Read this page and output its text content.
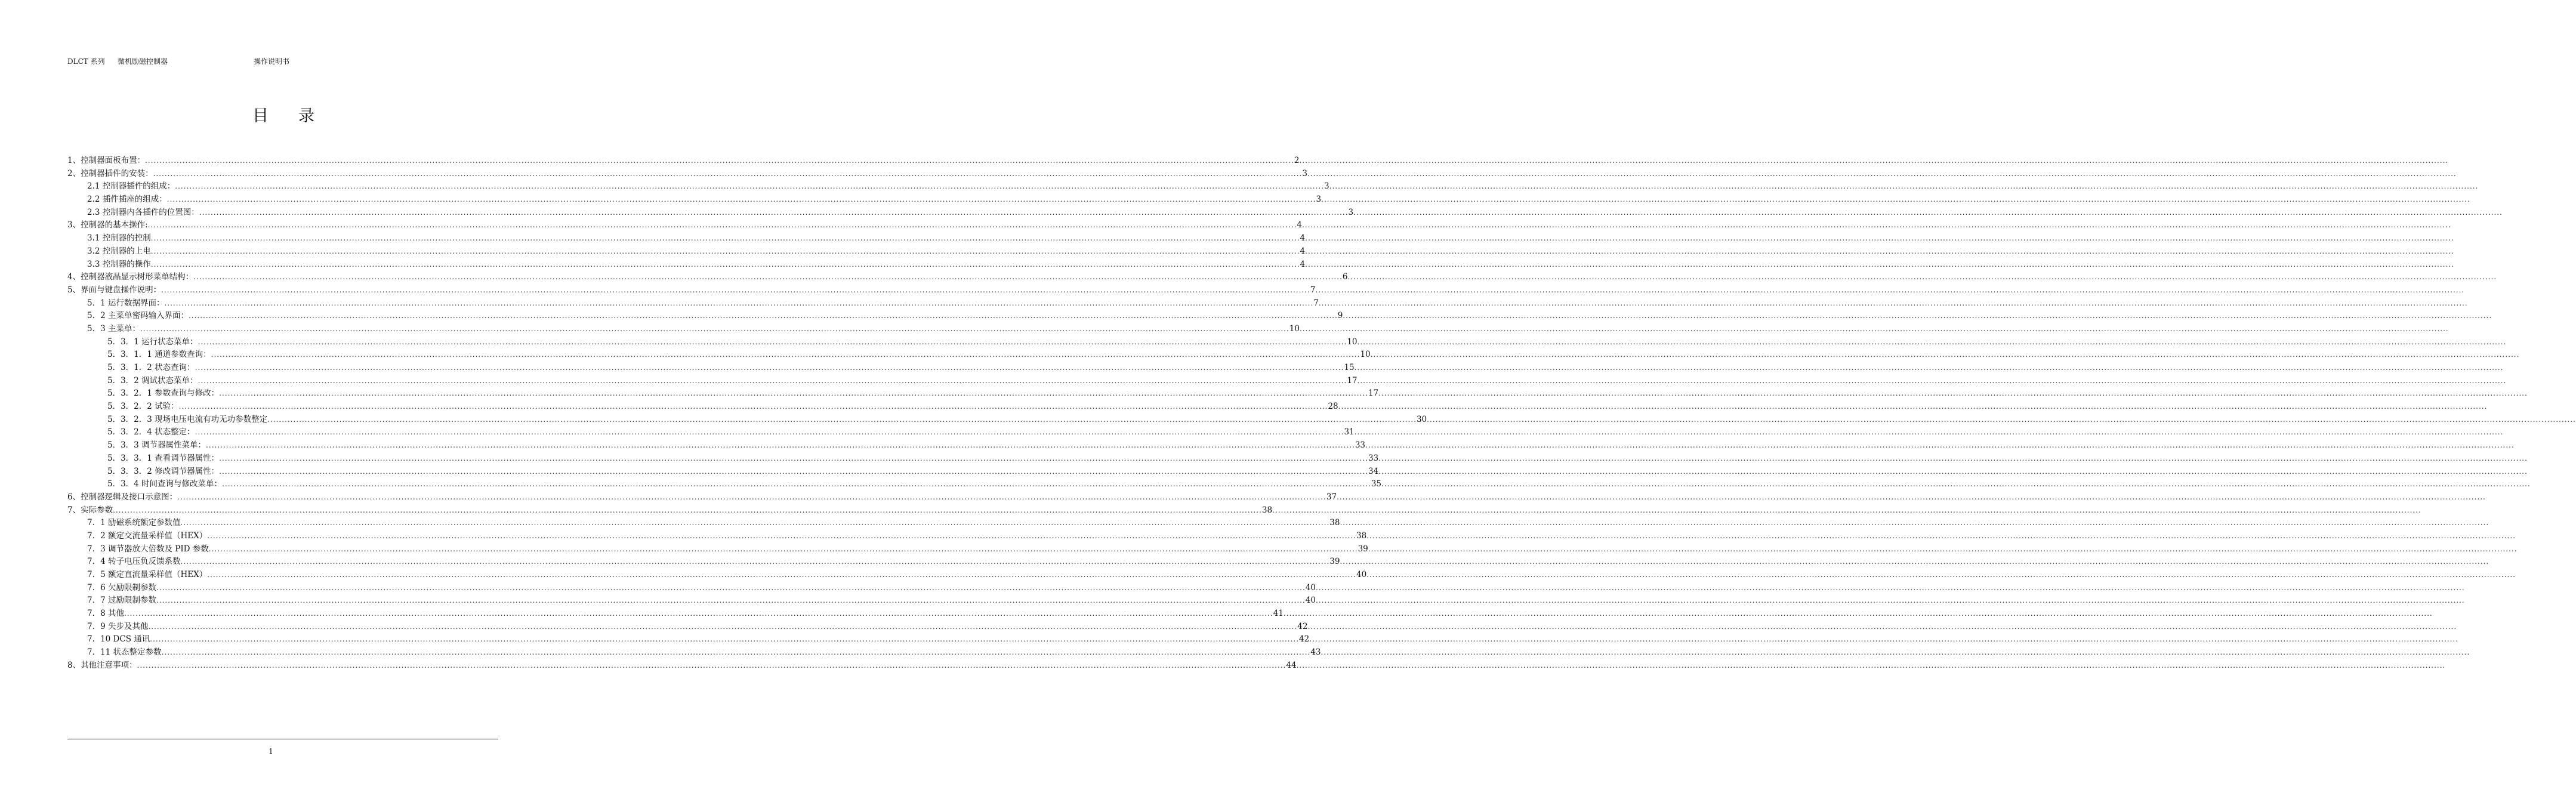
DLCT 系列 微机励磁控制器	操作说明书
目录
1、控制器面板布置： ................................................................................................................................................................................................................................................................................................................................................................................................................ 2 ................................................................................................................................................................................................................................................................................................................................................................................................................
2、控制器插件的安装： ................................................................................................................................................................................................................................................................................................................................................................................................................ 3 ................................................................................................................................................................................................................................................................................................................................................................................................................
2.1 控制器插件的组成： ................................................................................................................................................................................................................................................................................................................................................................................................................ 3 ................................................................................................................................................................................................................................................................................................................................................................................................................
2.2 插件插座的组成： ................................................................................................................................................................................................................................................................................................................................................................................................................ 3 ................................................................................................................................................................................................................................................................................................................................................................................................................
2.3 控制器内各插件的位置图： ................................................................................................................................................................................................................................................................................................................................................................................................................ 3 ................................................................................................................................................................................................................................................................................................................................................................................................................
3、控制器的基本操作: ................................................................................................................................................................................................................................................................................................................................................................................................................ 4 ................................................................................................................................................................................................................................................................................................................................................................................................................
3.1 控制器的控制 ................................................................................................................................................................................................................................................................................................................................................................................................................ 4 ................................................................................................................................................................................................................................................................................................................................................................................................................
3.2 控制器的上电 ................................................................................................................................................................................................................................................................................................................................................................................................................ 4 ................................................................................................................................................................................................................................................................................................................................................................................................................
3.3 控制器的操作 ................................................................................................................................................................................................................................................................................................................................................................................................................ 4 ................................................................................................................................................................................................................................................................................................................................................................................................................
4、控制器液晶显示树形菜单结构： ................................................................................................................................................................................................................................................................................................................................................................................................................ 6 ................................................................................................................................................................................................................................................................................................................................................................................................................
5、界面与键盘操作说明： ................................................................................................................................................................................................................................................................................................................................................................................................................ 7 ................................................................................................................................................................................................................................................................................................................................................................................................................
5．1 运行数据界面： ................................................................................................................................................................................................................................................................................................................................................................................................................ 7 ................................................................................................................................................................................................................................................................................................................................................................................................................
5．2 主菜单密码输入界面： ................................................................................................................................................................................................................................................................................................................................................................................................................ 9 ................................................................................................................................................................................................................................................................................................................................................................................................................
5．3 主菜单： ................................................................................................................................................................................................................................................................................................................................................................................................................ 10 ................................................................................................................................................................................................................................................................................................................................................................................................................
5．3．1 运行状态菜单： ................................................................................................................................................................................................................................................................................................................................................................................................................ 10 ................................................................................................................................................................................................................................................................................................................................................................................................................
5．3．1．1 通道参数查询： ................................................................................................................................................................................................................................................................................................................................................................................................................ 10 ................................................................................................................................................................................................................................................................................................................................................................................................................
5．3．1．2 状态查询： ................................................................................................................................................................................................................................................................................................................................................................................................................ 15 ................................................................................................................................................................................................................................................................................................................................................................................................................
5．3．2 调试状态菜单： ................................................................................................................................................................................................................................................................................................................................................................................................................ 17 ................................................................................................................................................................................................................................................................................................................................................................................................................
5．3．2．1 参数查询与修改： ................................................................................................................................................................................................................................................................................................................................................................................................................ 17 ................................................................................................................................................................................................................................................................................................................................................................................................................
5．3．2．2 试验： ................................................................................................................................................................................................................................................................................................................................................................................................................ 28 ................................................................................................................................................................................................................................................................................................................................................................................................................
5．3．2．3 现场电压电流有功无功参数整定 ................................................................................................................................................................................................................................................................................................................................................................................................................ 30 ................................................................................................................................................................................................................................................................................................................................................................................................................
5．3．2．4 状态整定： ................................................................................................................................................................................................................................................................................................................................................................................................................ 31 ................................................................................................................................................................................................................................................................................................................................................................................................................
5．3．3 调节器属性菜单： ................................................................................................................................................................................................................................................................................................................................................................................................................ 33 ................................................................................................................................................................................................................................................................................................................................................................................................................
5．3．3．1 查看调节器属性： ................................................................................................................................................................................................................................................................................................................................................................................................................ 33 ................................................................................................................................................................................................................................................................................................................................................................................................................
5．3．3．2 修改调节器属性： ................................................................................................................................................................................................................................................................................................................................................................................................................ 34 ................................................................................................................................................................................................................................................................................................................................................................................................................
5．3．4 时间查询与修改菜单： ................................................................................................................................................................................................................................................................................................................................................................................................................ 35 ................................................................................................................................................................................................................................................................................................................................................................................................................
6、控制器逻辑及接口示意图： ................................................................................................................................................................................................................................................................................................................................................................................................................ 37 ................................................................................................................................................................................................................................................................................................................................................................................................................
7、实际参数 ................................................................................................................................................................................................................................................................................................................................................................................................................ 38 ................................................................................................................................................................................................................................................................................................................................................................................................................
7．1 励磁系统额定参数值 ................................................................................................................................................................................................................................................................................................................................................................................................................ 38 ................................................................................................................................................................................................................................................................................................................................................................................................................
7．2 额定交流量采样值（HEX） ................................................................................................................................................................................................................................................................................................................................................................................................................ 38 ................................................................................................................................................................................................................................................................................................................................................................................................................
7．3 调节器放大倍数及 PID 参数 ................................................................................................................................................................................................................................................................................................................................................................................................................ 39 ................................................................................................................................................................................................................................................................................................................................................................................................................
7．4 转子电压负反馈系数 ................................................................................................................................................................................................................................................................................................................................................................................................................ 39 ................................................................................................................................................................................................................................................................................................................................................................................................................
7．5 额定直流量采样值（HEX） ................................................................................................................................................................................................................................................................................................................................................................................................................ 40 ................................................................................................................................................................................................................................................................................................................................................................................................................
7．6 欠励限制参数 ................................................................................................................................................................................................................................................................................................................................................................................................................ 40 ................................................................................................................................................................................................................................................................................................................................................................................................................
7．7 过励限制参数 ................................................................................................................................................................................................................................................................................................................................................................................................................ 40 ................................................................................................................................................................................................................................................................................................................................................................................................................
7．8 其他 ................................................................................................................................................................................................................................................................................................................................................................................................................ 41 ................................................................................................................................................................................................................................................................................................................................................................................................................
7．9 失步及其他 ................................................................................................................................................................................................................................................................................................................................................................................................................ 42 ................................................................................................................................................................................................................................................................................................................................................................................................................
7．10 DCS 通讯 ................................................................................................................................................................................................................................................................................................................................................................................................................ 42 ................................................................................................................................................................................................................................................................................................................................................................................................................
7．11 状态整定参数 ................................................................................................................................................................................................................................................................................................................................................................................................................ 43 ................................................................................................................................................................................................................................................................................................................................................................................................................
8、其他注意事项： ................................................................................................................................................................................................................................................................................................................................................................................................................ 44 ................................................................................................................................................................................................................................................................................................................................................................................................................
1
